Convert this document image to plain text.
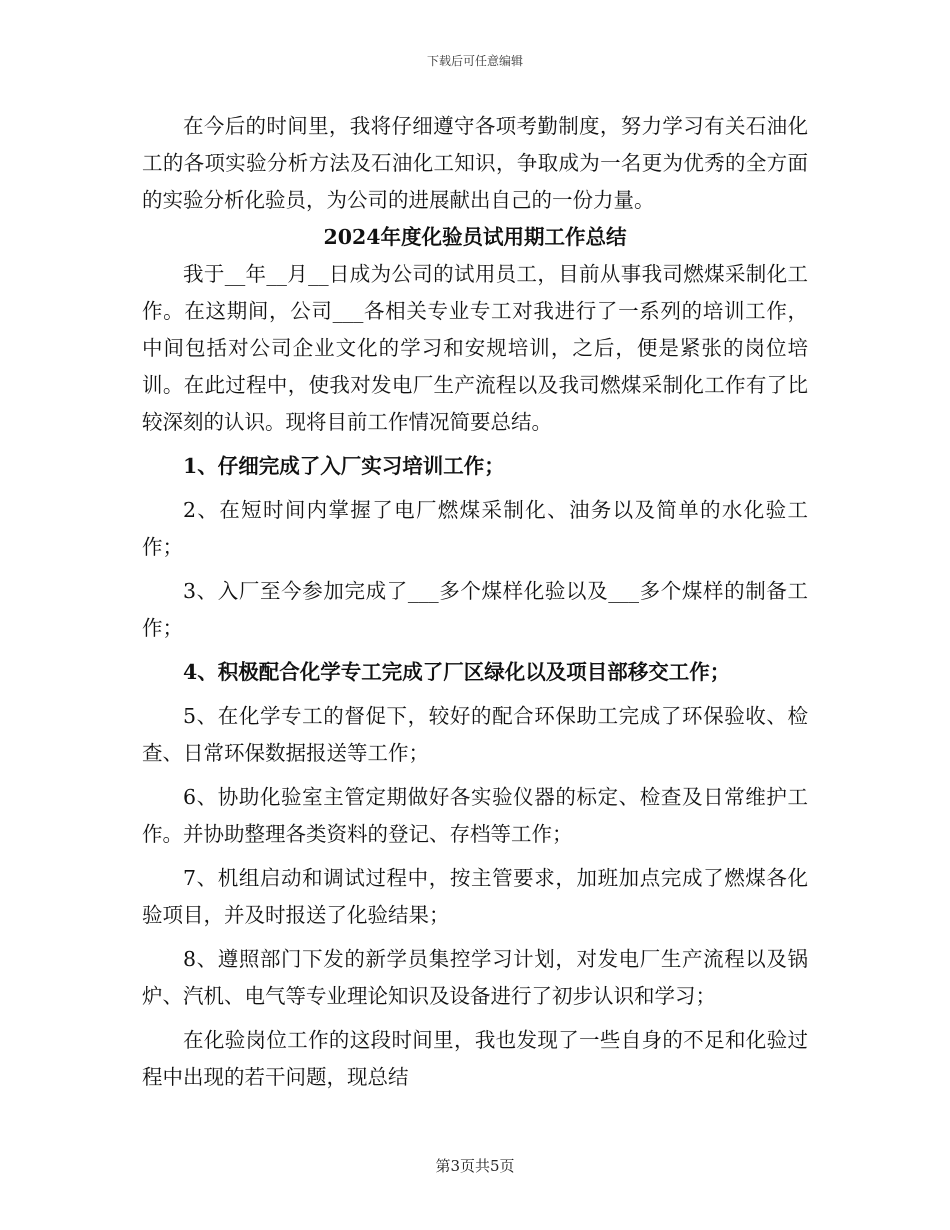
下载后可任意编辑

在今后的时间里，我将仔细遵守各项考勤制度，努力学习有关石油化工的各项实验分析方法及石油化工知识，争取成为一名更为优秀的全方面的实验分析化验员，为公司的进展献出自己的一份力量。

2024年度化验员试用期工作总结

我于__年__月__日成为公司的试用员工，目前从事我司燃煤采制化工作。在这期间，公司___各相关专业专工对我进行了一系列的培训工作，中间包括对公司企业文化的学习和安规培训，之后，便是紧张的岗位培训。在此过程中，使我对发电厂生产流程以及我司燃煤采制化工作有了比较深刻的认识。现将目前工作情况简要总结。

1、仔细完成了入厂实习培训工作；

2、在短时间内掌握了电厂燃煤采制化、油务以及简单的水化验工作；

3、入厂至今参加完成了___多个煤样化验以及___多个煤样的制备工作；

4、积极配合化学专工完成了厂区绿化以及项目部移交工作；

5、在化学专工的督促下，较好的配合环保助工完成了环保验收、检查、日常环保数据报送等工作；

6、协助化验室主管定期做好各实验仪器的标定、检查及日常维护工作。并协助整理各类资料的登记、存档等工作；

7、机组启动和调试过程中，按主管要求，加班加点完成了燃煤各化验项目，并及时报送了化验结果；

8、遵照部门下发的新学员集控学习计划，对发电厂生产流程以及锅炉、汽机、电气等专业理论知识及设备进行了初步认识和学习；

在化验岗位工作的这段时间里，我也发现了一些自身的不足和化验过程中出现的若干问题，现总结

第3页共5页
